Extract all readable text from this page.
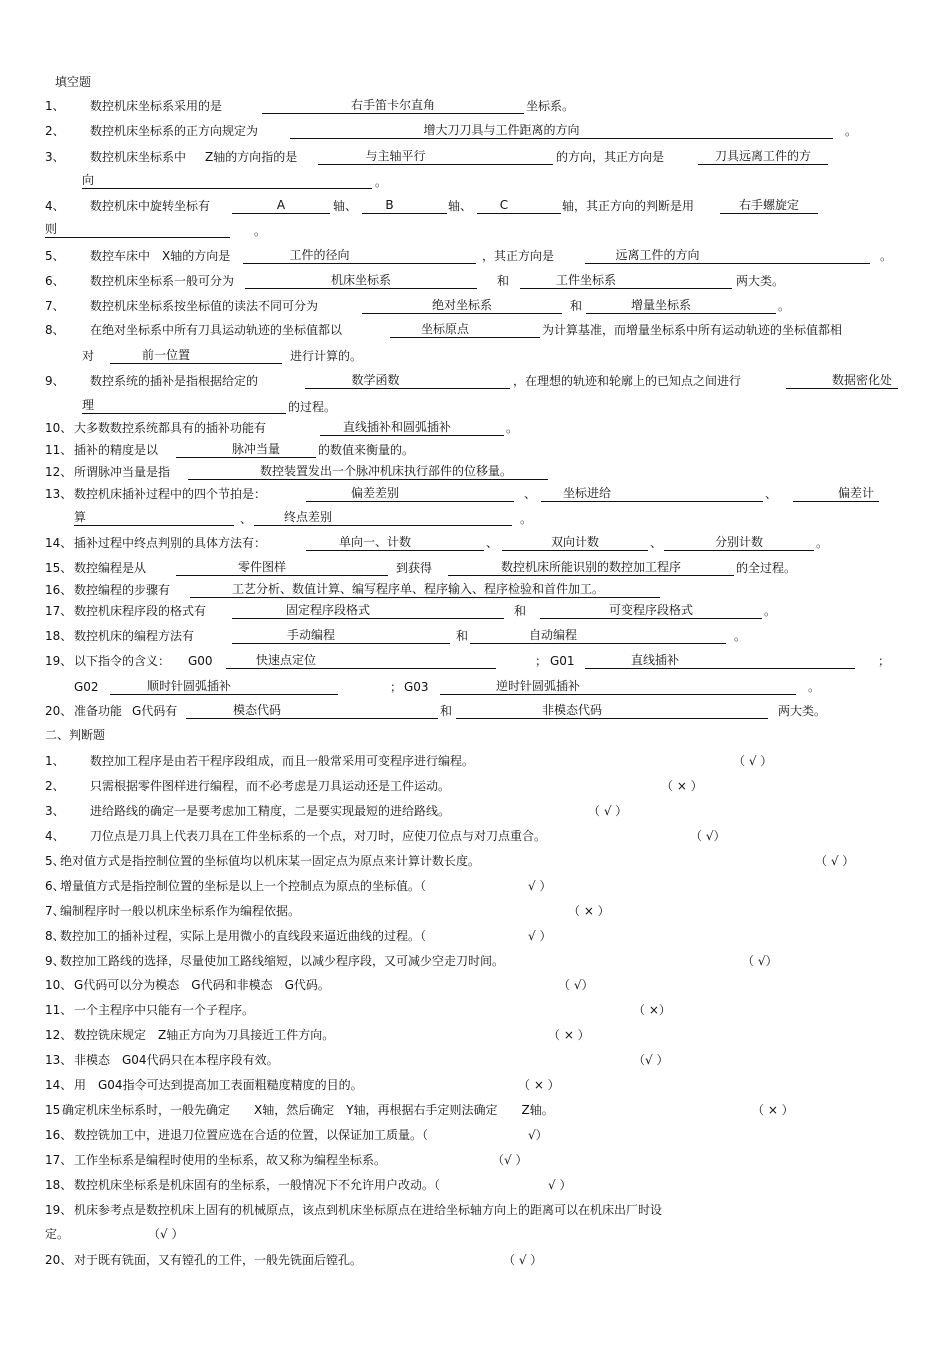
填空题
1、 数控机床坐标系采用的是	右手笛卡尔直角	坐标系。
2、 数控机床坐标系的正方向规定为	增大刀刀具与工件距离的方向	。
3、 数控机床坐标系中 Z轴的方向指的是	与主轴平行	的方向，其正方向是	刀具远离工件的方
向	。
4、 数控机床中旋转坐标有	A	轴、	B	轴、	C	轴，其正方向的判断是用	右手螺旋定
则	。
5、 数控车床中 X轴的方向是	工件的径向	，其正方向是	远离工件的方向	。
6、 数控机床坐标系一般可分为	机床坐标系	和	工件坐标系	两大类。
7、 数控机床坐标系按坐标值的读法不同可分为	绝对坐标系	和	增量坐标系	。
8、 在绝对坐标系中所有刀具运动轨迹的坐标值都以	坐标原点	为计算基准，而增量坐标系中所有运动轨迹的坐标值都相
对	前一位置	进行计算的。
9、 数控系统的插补是指根据给定的	数学函数	，在理想的轨迹和轮廓上的已知点之间进行	数据密化处
理	的过程。
10、 大多数数控系统都具有的插补功能有	直线插补和圆弧插补	。
11、 插补的精度是以	脉冲当量	的数值来衡量的。
12、 所谓脉冲当量是指	数控装置发出一个脉冲机床执行部件的位移量。
13、 数控机床插补过程中的四个节拍是：	偏差差别	、	坐标进给	、	偏差计
算	、	终点差别	。
14、 插补过程中终点判别的具体方法有：	单向一、计数	、	双向计数	、	分别计数	。
15、 数控编程是从	零件图样	到获得	数控机床所能识别的数控加工程序	的全过程。
16、 数控编程的步骤有	工艺分析、数值计算、编写程序单、程序输入、程序检验和首件加工。
17、 数控机床程序段的格式有	固定程序段格式	和	可变程序段格式	。
18、 数控机床的编程方法有	手动编程	和	自动编程	。
19、 以下指令的含义： G00	快速点定位	； G01	直线插补	；
G02	顺时针圆弧插补	； G03	逆时针圆弧插补	。
20、 准备功能 G代码有	模态代码	和	非模态代码	两大类。
二、判断题
1、 数控加工程序是由若干程序段组成，而且一般常采用可变程序进行编程。	（ √ ）
2、 只需根据零件图样进行编程，而不必考虑是刀具运动还是工件运动。	（ × ）
3、 进给路线的确定一是要考虑加工精度，二是要实现最短的进给路线。	（ √ ）
4、 刀位点是刀具上代表刀具在工件坐标系的一个点，对刀时，应使刀位点与对刀点重合。	（ √）
5、
绝对值方式是指控制位置的坐标值均以机床某一固定点为原点来计算计数长度。	（ √ ）
6、
增量值方式是指控制位置的坐标是以上一个控制点为原点的坐标值。（	√ ）
7、
编制程序时一般以机床坐标系作为编程依据。	（ × ）
8、
数控加工的插补过程，实际上是用微小的直线段来逼近曲线的过程。（	√ ）
9、
数控加工路线的选择，尽量使加工路线缩短，以减少程序段，又可减少空走刀时间。	（ √）
10、 G代码可以分为模态　G代码和非模态　G代码。	（ √）
11、 一个主程序中只能有一个子程序。	（ ×）
12、 数控铣床规定　Z轴正方向为刀具接近工件方向。	（ × ）
13、 非模态　G04代码只在本程序段有效。	（√ ）
14、 用　G04指令可达到提高加工表面粗糙度精度的目的。	（ × ）
15 确定机床坐标系时，一般先确定　　X轴，然后确定　Y轴，再根据右手定则法确定　　Z轴。	（ × ）
16、 数控铣加工中，进退刀位置应选在合适的位置，以保证加工质量。（	√）
17、 工作坐标系是编程时使用的坐标系，故又称为编程坐标系。	（√ ）
18、 数控机床坐标系是机床固有的坐标系，一般情况下不允许用户改动。（	√ ）
19、 机床参考点是数控机床上固有的机械原点，该点到机床坐标原点在进给坐标轴方向上的距离可以在机床出厂时设
定。	（√ ）
20、 对于既有铣面，又有镗孔的工件，一般先铣面后镗孔。	（ √ ）
